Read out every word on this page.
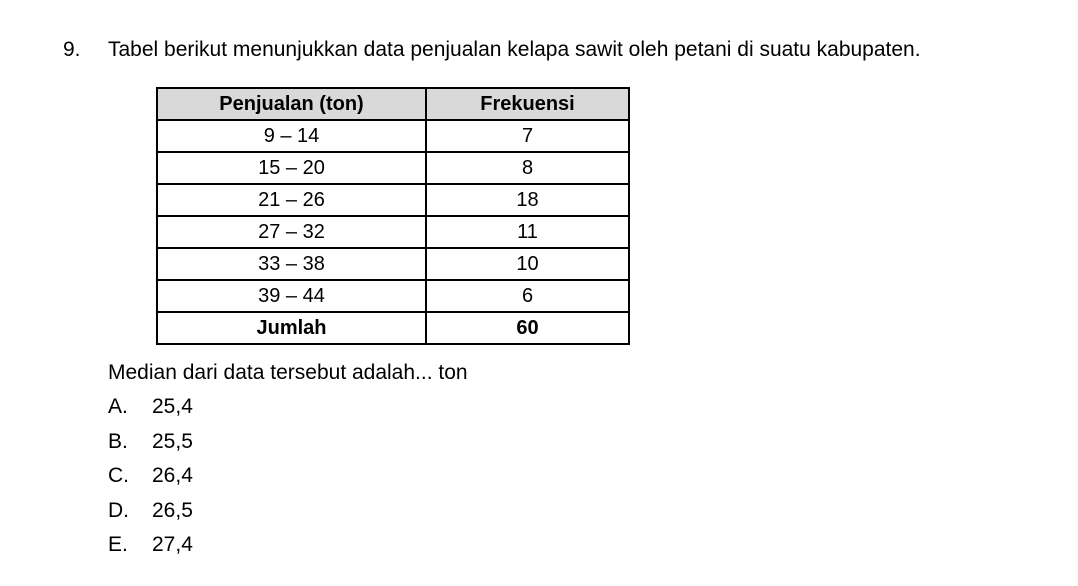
9. Tabel berikut menunjukkan data penjualan kelapa sawit oleh petani di suatu kabupaten.
Penjualan (ton)	Frekuensi
9 – 14	7
15 – 20	8
21 – 26	18
27 – 32	11
33 – 38	10
39 – 44	6
Jumlah	60
Median dari data tersebut adalah... ton
A. 25,4
B. 25,5
C. 26,4
D. 26,5
E. 27,4
